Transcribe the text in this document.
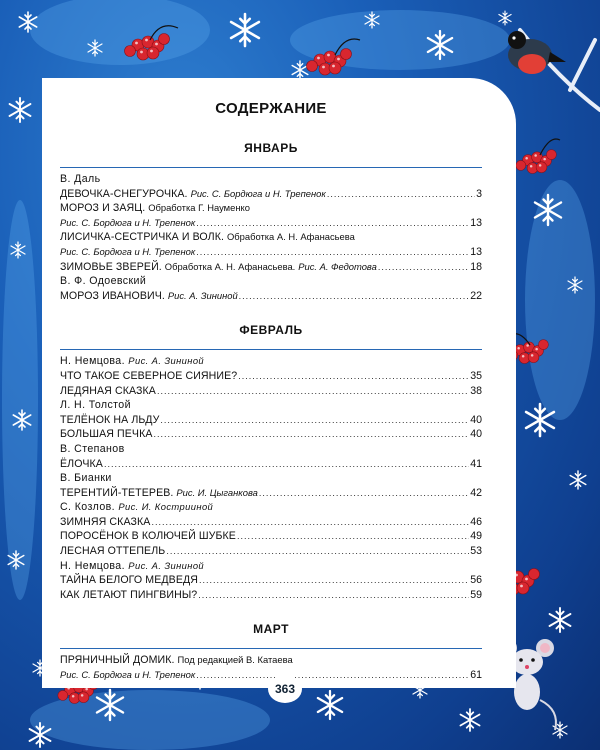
СОДЕРЖАНИЕ
ЯНВАРЬ
В. Даль
ДЕВОЧКА-СНЕГУРОЧКА.
Рис. С. Бордюга и Н. Трепенок .....	3
МОРОЗ И ЗАЯЦ.
Обработка Г. Науменко
Рис. С. Бордюга и Н. Трепенок .....	13
ЛИСИЧКА-СЕСТРИЧКА И ВОЛК.
Обработка А. Н. Афанасьева
Рис. С. Бордюга и Н. Трепенок .....	13
ЗИМОВЬЕ ЗВЕРЕЙ.
Обработка А. Н. Афанасьева.
Рис. А. Федотова .....	18
В. Ф. Одоевский
МОРОЗ ИВАНОВИЧ.
Рис. А. Зининой .....	22
ФЕВРАЛЬ
Н. Немцова. Рис. А. Зининой
ЧТО ТАКОЕ СЕВЕРНОЕ СИЯНИЕ? .....	35
ЛЕДЯНАЯ СКАЗКА .....	38
Л. Н. Толстой
ТЕЛЁНОК НА ЛЬДУ .....	40
БОЛЬШАЯ ПЕЧКА .....	40
В. Степанов
ЁЛОЧКА .....	41
В. Бианки
ТЕРЕНТИЙ-ТЕТЕРЕВ.
Рис. И. Цыганкова .....	42
С. Козлов. Рис. И. Кострииной
ЗИМНЯЯ СКАЗКА .....	46
ПОРОСЁНОК В КОЛЮЧЕЙ ШУБКЕ .....	49
ЛЕСНАЯ ОТТЕПЕЛЬ .....	53
Н. Немцова. Рис. А. Зининой
ТАЙНА БЕЛОГО МЕДВЕДЯ .....	56
КАК ЛЕТАЮТ ПИНГВИНЫ? .....	59
МАРТ
ПРЯНИЧНЫЙ ДОМИК.
Под редакцией В. Катаева
Рис. С. Бордюга и Н. Трепенок .....	61
363
